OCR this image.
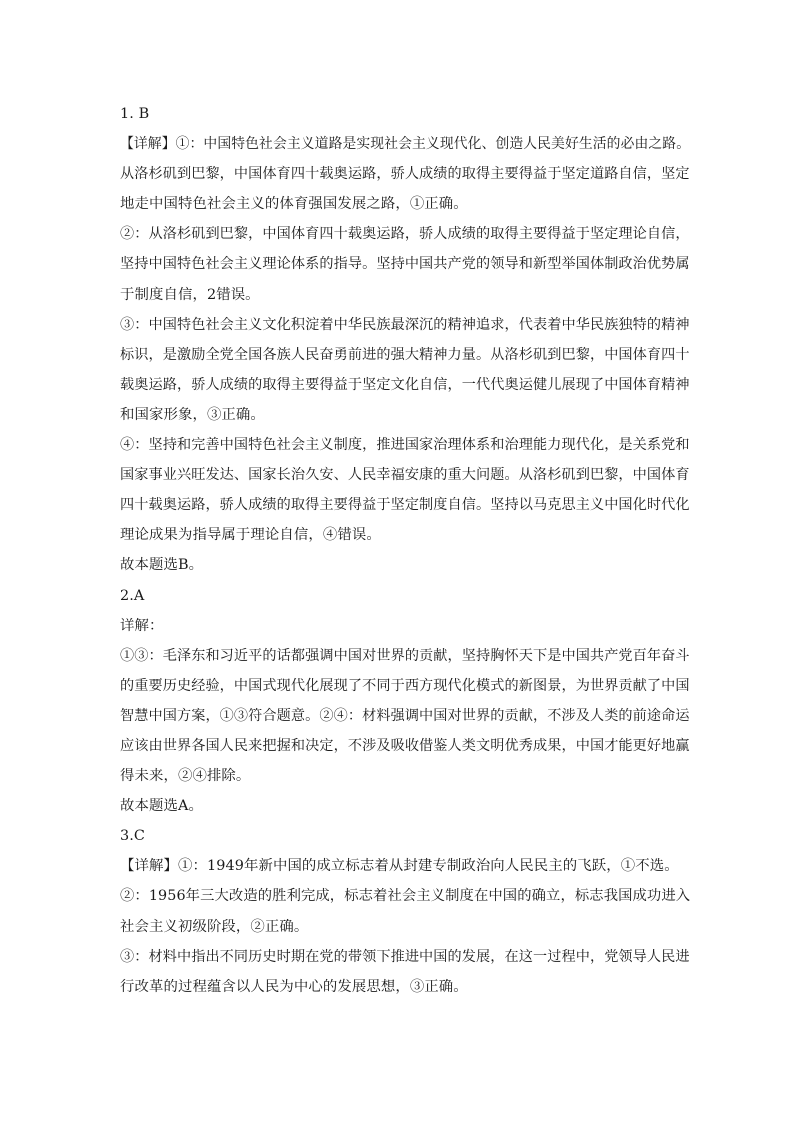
1. B
【详解】①：中国特色社会主义道路是实现社会主义现代化、创造人民美好生活的必由之路。
从洛杉矶到巴黎，中国体育四十载奥运路，骄人成绩的取得主要得益于坚定道路自信，坚定
地走中国特色社会主义的体育强国发展之路，①正确。
②：从洛杉矶到巴黎，中国体育四十载奥运路，骄人成绩的取得主要得益于坚定理论自信，
坚持中国特色社会主义理论体系的指导。坚持中国共产党的领导和新型举国体制政治优势属
于制度自信，2错误。
③：中国特色社会主义文化积淀着中华民族最深沉的精神追求，代表着中华民族独特的精神
标识，是激励全党全国各族人民奋勇前进的强大精神力量。从洛杉矶到巴黎，中国体育四十
载奥运路，骄人成绩的取得主要得益于坚定文化自信，一代代奥运健儿展现了中国体育精神
和国家形象，③正确。
④：坚持和完善中国特色社会主义制度，推进国家治理体系和治理能力现代化，是关系党和
国家事业兴旺发达、国家长治久安、人民幸福安康的重大问题。从洛杉矶到巴黎，中国体育
四十载奥运路，骄人成绩的取得主要得益于坚定制度自信。坚持以马克思主义中国化时代化
理论成果为指导属于理论自信，④错误。
故本题选B。
2.A
详解：
①③：毛泽东和习近平的话都强调中国对世界的贡献，坚持胸怀天下是中国共产党百年奋斗
的重要历史经验，中国式现代化展现了不同于西方现代化模式的新图景，为世界贡献了中国
智慧中国方案，①③符合题意。②④：材料强调中国对世界的贡献，不涉及人类的前途命运
应该由世界各国人民来把握和决定，不涉及吸收借鉴人类文明优秀成果，中国才能更好地赢
得未来，②④排除。
故本题选A。
3.C
【详解】①：1949年新中国的成立标志着从封建专制政治向人民民主的飞跃，①不选。
②：1956年三大改造的胜利完成，标志着社会主义制度在中国的确立，标志我国成功进入
社会主义初级阶段，②正确。
③：材料中指出不同历史时期在党的带领下推进中国的发展，在这一过程中，党领导人民进
行改革的过程蕴含以人民为中心的发展思想，③正确。
